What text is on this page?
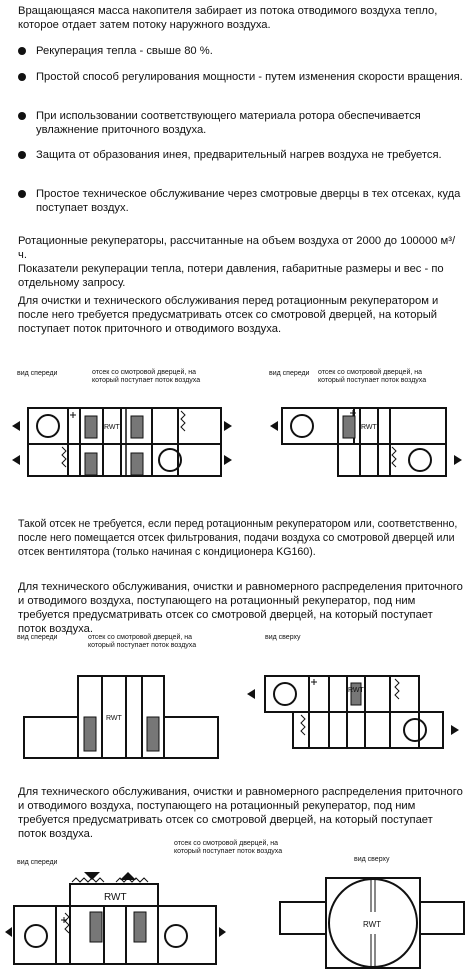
Вращающаяся масса накопителя забирает из потока отводимого воздуха тепло, которое отдает затем потоку наружного воздуха.
Рекуперация тепла - свыше 80 %.
Простой способ регулирования мощности - путем изменения скорости вращения.
При использовании соответствующего материала ротора обеспечивается увлажнение приточного воздуха.
Защита от образования инея, предварительный нагрев воздуха не требуется.
Простое техническое обслуживание через смотровые дверцы в тех отсеках, куда поступает воздух.
Ротационные рекуператоры, рассчитанные на объем воздуха от 2000 до 100000 м³/ч.
Показатели рекуперации тепла, потери давления, габаритные размеры и вес - по отдельному запросу.
Для очистки и технического обслуживания перед ротационным рекуператором и после него требуется предусматривать отсек со смотровой дверцей, на который поступает поток приточного и отводимого воздуха.
вид спереди	отсек со смотровой дверцей, на
который поступает поток воздуха
вид спереди отсек со смотровой дверцей, на
который поступает поток воздуха
RWT	RWT
Такой отсек не требуется, если перед ротационным рекуператором или, соответственно, после него помещается отсек фильтрования, подачи воздуха со смотровой дверцей или отсек вентилятора (только начиная с кондиционера KG160).
Для технического обслуживания, очистки и равномерного распределения приточного и отводимого воздуха, поступающего на ротационный рекуператор, под ним требуется предусматривать отсек со смотровой дверцей, на который поступает поток воздуха.
вид спереди	отсек со смотровой дверцей, на
который поступает поток воздуха
вид сверху
RWT
RWT
Для технического обслуживания, очистки и равномерного распределения приточного и отводимого воздуха, поступающего на ротационный рекуператор, под ним требуется предусматривать отсек со смотровой дверцей, на который поступает поток воздуха.
вид спереди
отсек со смотровой дверцей, на
который поступает поток воздуха
вид сверху
RWT
RWT
